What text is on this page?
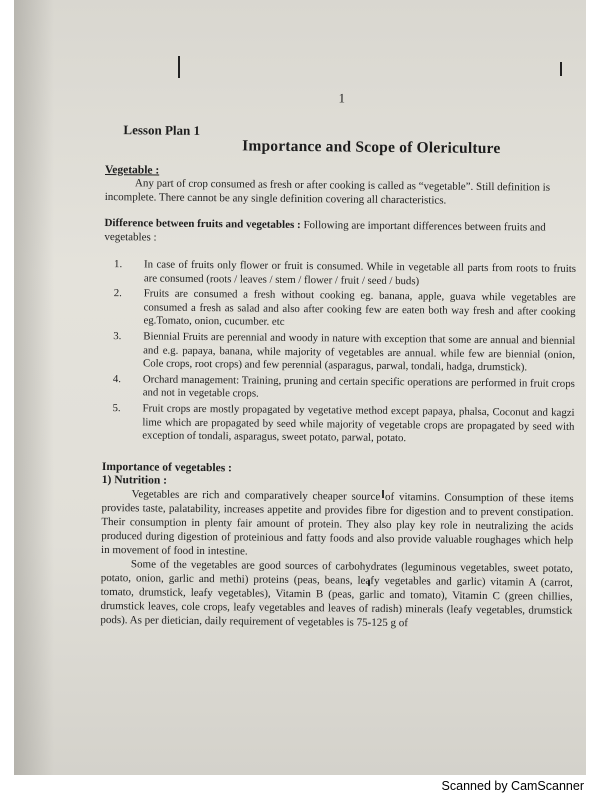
1
Lesson Plan 1
Importance and Scope of Olericulture
Vegetable :

Any part of crop consumed as fresh or after cooking is called as “vegetable”. Still definition is incomplete. There cannot be any single definition covering all characteristics.

Difference between fruits and vegetables : Following are important differences between fruits and vegetables :

1.	In case of fruits only flower or fruit is consumed. While in vegetable all parts from roots to fruits are consumed (roots / leaves / stem / flower / fruit / seed / buds)
2.	Fruits are consumed a fresh without cooking eg. banana, apple, guava while vegetables are consumed a fresh as salad and also after cooking few are eaten both way fresh and after cooking eg.Tomato, onion, cucumber. etc
3.	Biennial Fruits are perennial and woody in nature with exception that some are annual and biennial and e.g. papaya, banana, while majority of vegetables are annual. while few are biennial (onion, Cole crops, root crops) and few perennial (asparagus, parwal, tondali, hadga, drumstick).
4.	Orchard management: Training, pruning and certain specific operations are performed in fruit crops and not in vegetable crops.
5.	Fruit crops are mostly propagated by vegetative method except papaya, phalsa, Coconut and kagzi lime which are propagated by seed while majority of vegetable crops are propagated by seed with exception of tondali, asparagus, sweet potato, parwal, potato.
Importance of vegetables :
1) Nutrition :

Vegetables are rich and comparatively cheaper source of vitamins. Consumption of these items provides taste, palatability, increases appetite and provides fibre for digestion and to prevent constipation. Their consumption in plenty fair amount of protein. They also play key role in neutralizing the acids produced during digestion of proteinious and fatty foods and also provide valuable roughages which help in movement of food in intestine.

Some of the vegetables are good sources of carbohydrates (leguminous vegetables, sweet potato, potato, onion, garlic and methi) proteins (peas, beans, leafy vegetables and garlic) vitamin A (carrot, tomato, drumstick, leafy vegetables), Vitamin B (peas, garlic and tomato), Vitamin C (green chillies, drumstick leaves, cole crops, leafy vegetables and leaves of radish) minerals (leafy vegetables, drumstick pods). As per dietician, daily requirement of vegetables is 75-125 g of

Scanned by CamScanner
